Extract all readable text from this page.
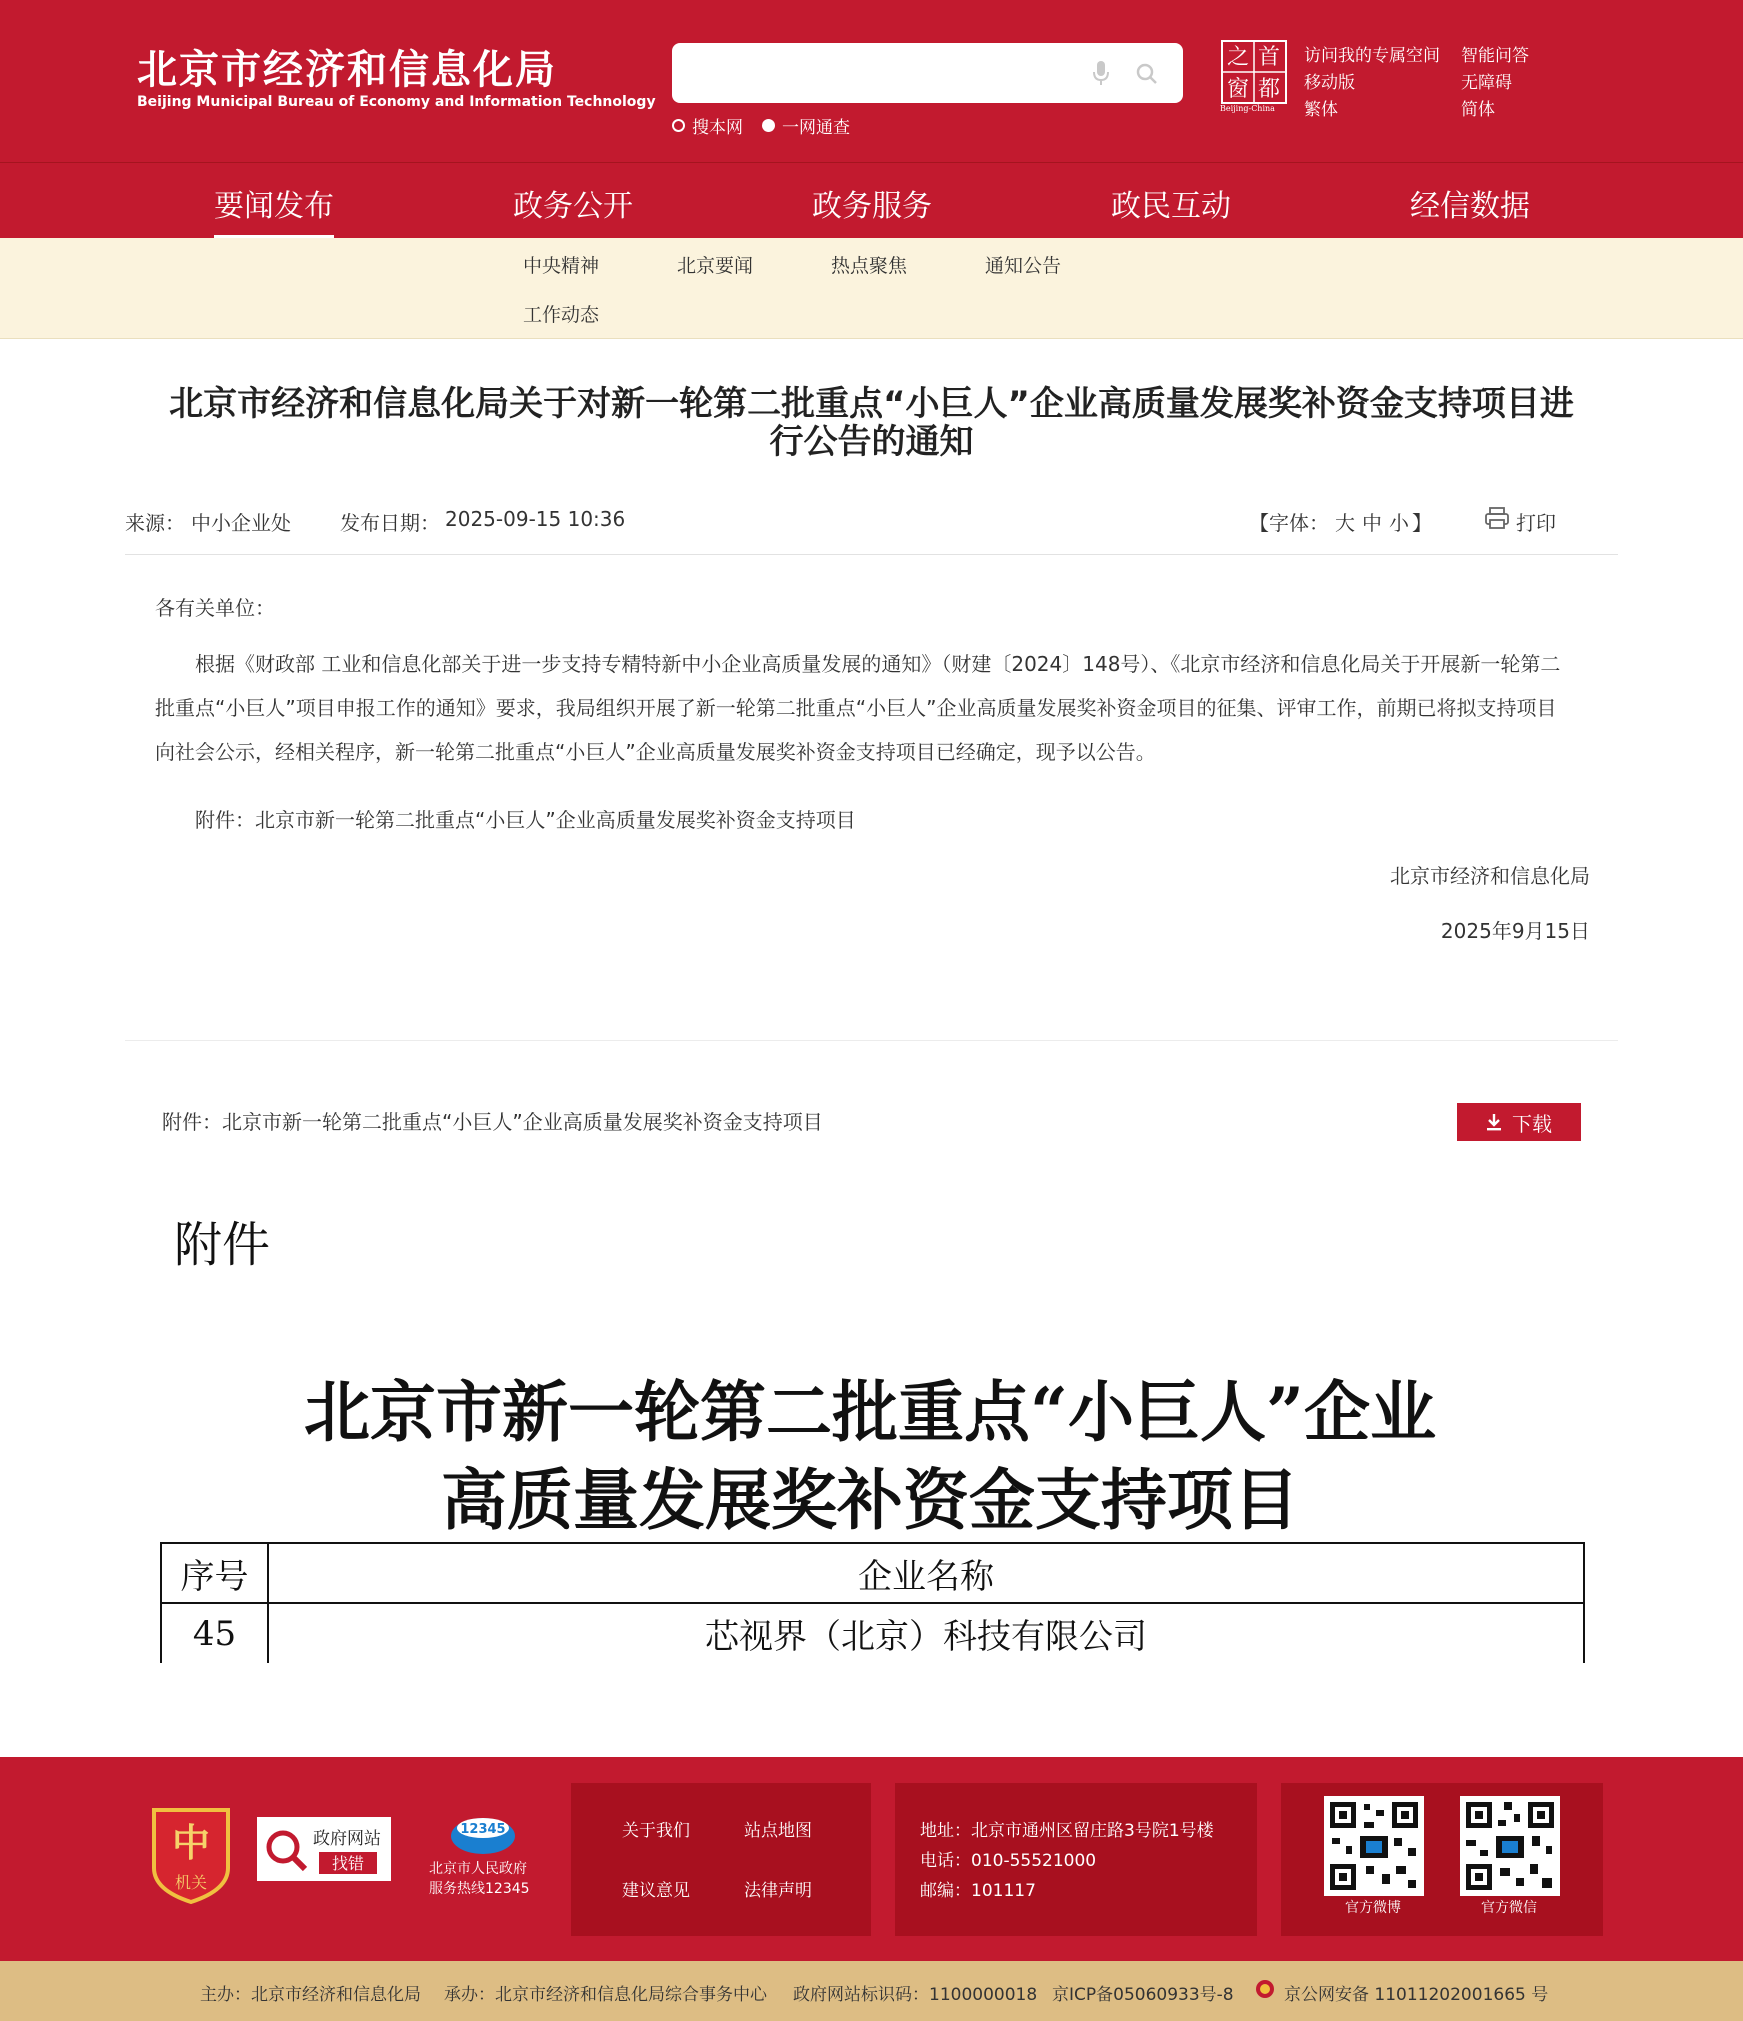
北京市经济和信息化局
Beijing Municipal Bureau of Economy and Information Technology
搜本网 一网通查
首
都
之
窗
Beijing-China
访问我的专属空间 智能问答
移动版	无障碍
繁体	简体
要闻发布	政务公开	政务服务	政民互动	经信数据
中央精神	北京要闻	热点聚焦	通知公告
工作动态
北京市经济和信息化局关于对新一轮第二批重点“小巨人”企业高质量发展奖补资金支持项目进
行公告的通知
来源： 中小企业处 发布日期： 2025-09-15 10:36	【字体： 大 中 小 】	打印
各有关单位：
根据《财政部 工业和信息化部关于进一步支持专精特新中小企业高质量发展的通知》（财建〔2024〕148号）、《北京市经济和信息化局关于开展新一轮第二
批重点“小巨人”项目申报工作的通知》要求，我局组织开展了新一轮第二批重点“小巨人”企业高质量发展奖补资金项目的征集、评审工作，前期已将拟支持项目
向社会公示，经相关程序，新一轮第二批重点“小巨人”企业高质量发展奖补资金支持项目已经确定，现予以公告。
附件：北京市新一轮第二批重点“小巨人”企业高质量发展奖补资金支持项目
北京市经济和信息化局
2025年9月15日
附件：北京市新一轮第二批重点“小巨人”企业高质量发展奖补资金支持项目	下载
附件
北京市新一轮第二批重点“小巨人”企业
高质量发展奖补资金支持项目
序号	企业名称
45	芯视界（北京）科技有限公司
中
机关
政府网站
找错
12345
北京市人民政府
服务热线12345
关于我们	站点地图
建议意见	法律声明
地址：北京市通州区留庄路3号院1号楼
电话：010-55521000
邮编：101117
官方微博	官方微信
主办：北京市经济和信息化局 承办：北京市经济和信息化局综合事务中心 政府网站标识码：1100000018 京ICP备05060933号-8	京公网安备 11011202001665 号
